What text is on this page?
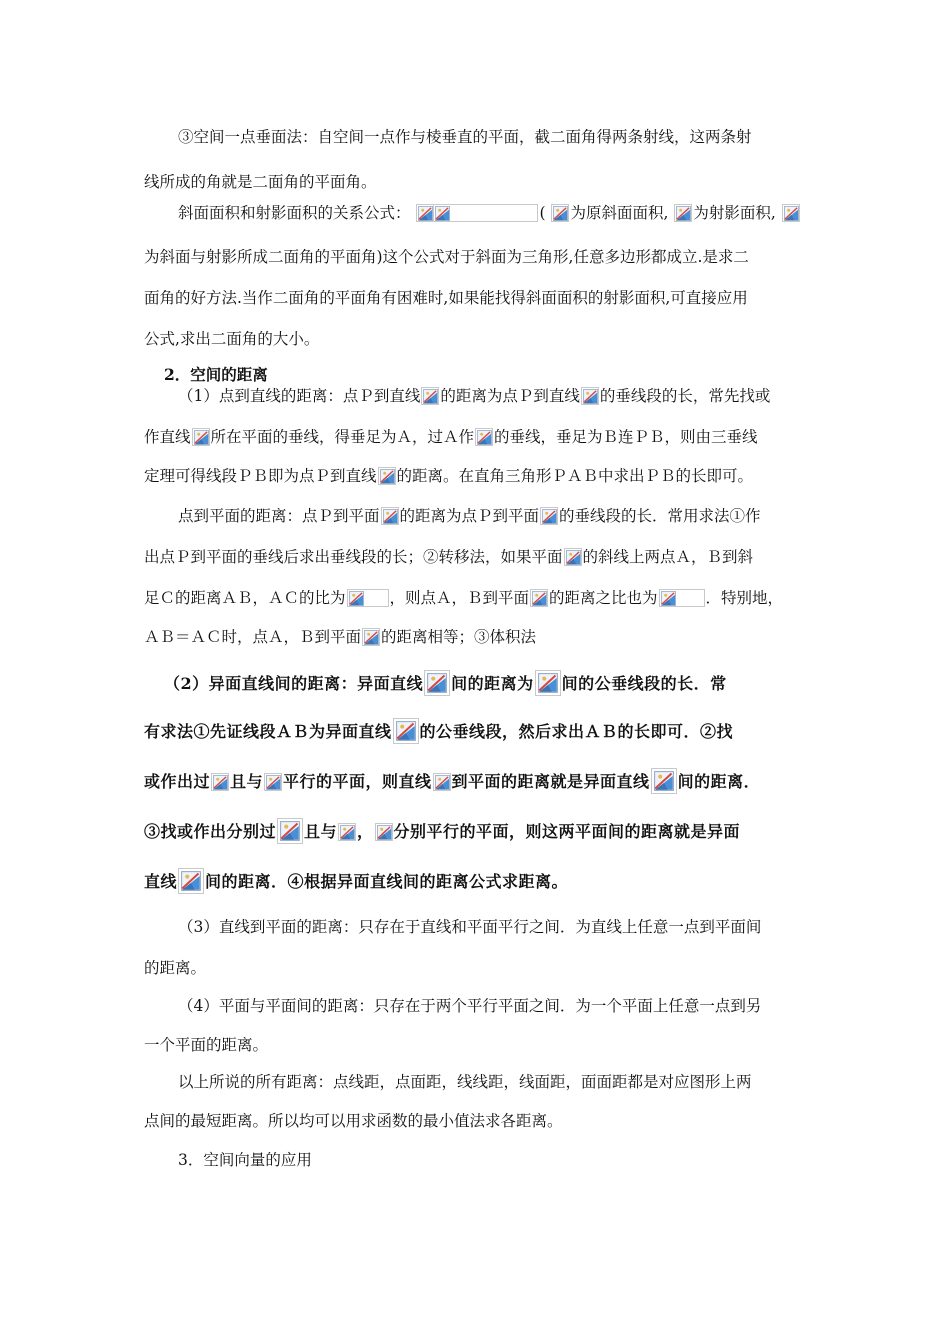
③空间一点垂面法：自空间一点作与棱垂直的平面，截二面角得两条射线，这两条射
线所成的角就是二面角的平面角。
斜面面积和射影面积的关系公式：	( 为原斜面面积, 为射影面积,
为斜面与射影所成二面角的平面角)这个公式对于斜面为三角形,任意多边形都成立.是求二
面角的好方法.当作二面角的平面角有困难时,如果能找得斜面面积的射影面积,可直接应用
公式,求出二面角的大小。
2．空间的距离
（1）点到直线的距离：点Ｐ到直线 的距离为点Ｐ到直线 的垂线段的长，常先找或
作直线 所在平面的垂线，得垂足为Ａ，过Ａ作 的垂线，垂足为Ｂ连ＰＢ，则由三垂线
定理可得线段ＰＢ即为点Ｐ到直线 的距离。在直角三角形ＰＡＢ中求出ＰＢ的长即可。
点到平面的距离：点Ｐ到平面 的距离为点Ｐ到平面 的垂线段的长．常用求法①作
出点Ｐ到平面的垂线后求出垂线段的长；②转移法，如果平面 的斜线上两点Ａ，Ｂ到斜
足Ｃ的距离ＡＢ，ＡＣ的比为	，则点Ａ，Ｂ到平面 的距离之比也为	．特别地，
ＡＢ＝ＡＣ时，点Ａ，Ｂ到平面 的距离相等；③体积法
（2）异面直线间的距离：异面直线 间的距离为 间的公垂线段的长．常
有求法①先证线段ＡＢ为异面直线 的公垂线段，然后求出ＡＢ的长即可．②找
或作出过 且与 平行的平面，则直线 到平面的距离就是异面直线 间的距离．
③找或作出分别过 且与 ， 分别平行的平面，则这两平面间的距离就是异面
直线 间的距离．④根据异面直线间的距离公式求距离。
（3）直线到平面的距离：只存在于直线和平面平行之间．为直线上任意一点到平面间
的距离。
（4）平面与平面间的距离：只存在于两个平行平面之间．为一个平面上任意一点到另
一个平面的距离。
以上所说的所有距离：点线距，点面距，线线距，线面距，面面距都是对应图形上两
点间的最短距离。所以均可以用求函数的最小值法求各距离。
3．空间向量的应用
